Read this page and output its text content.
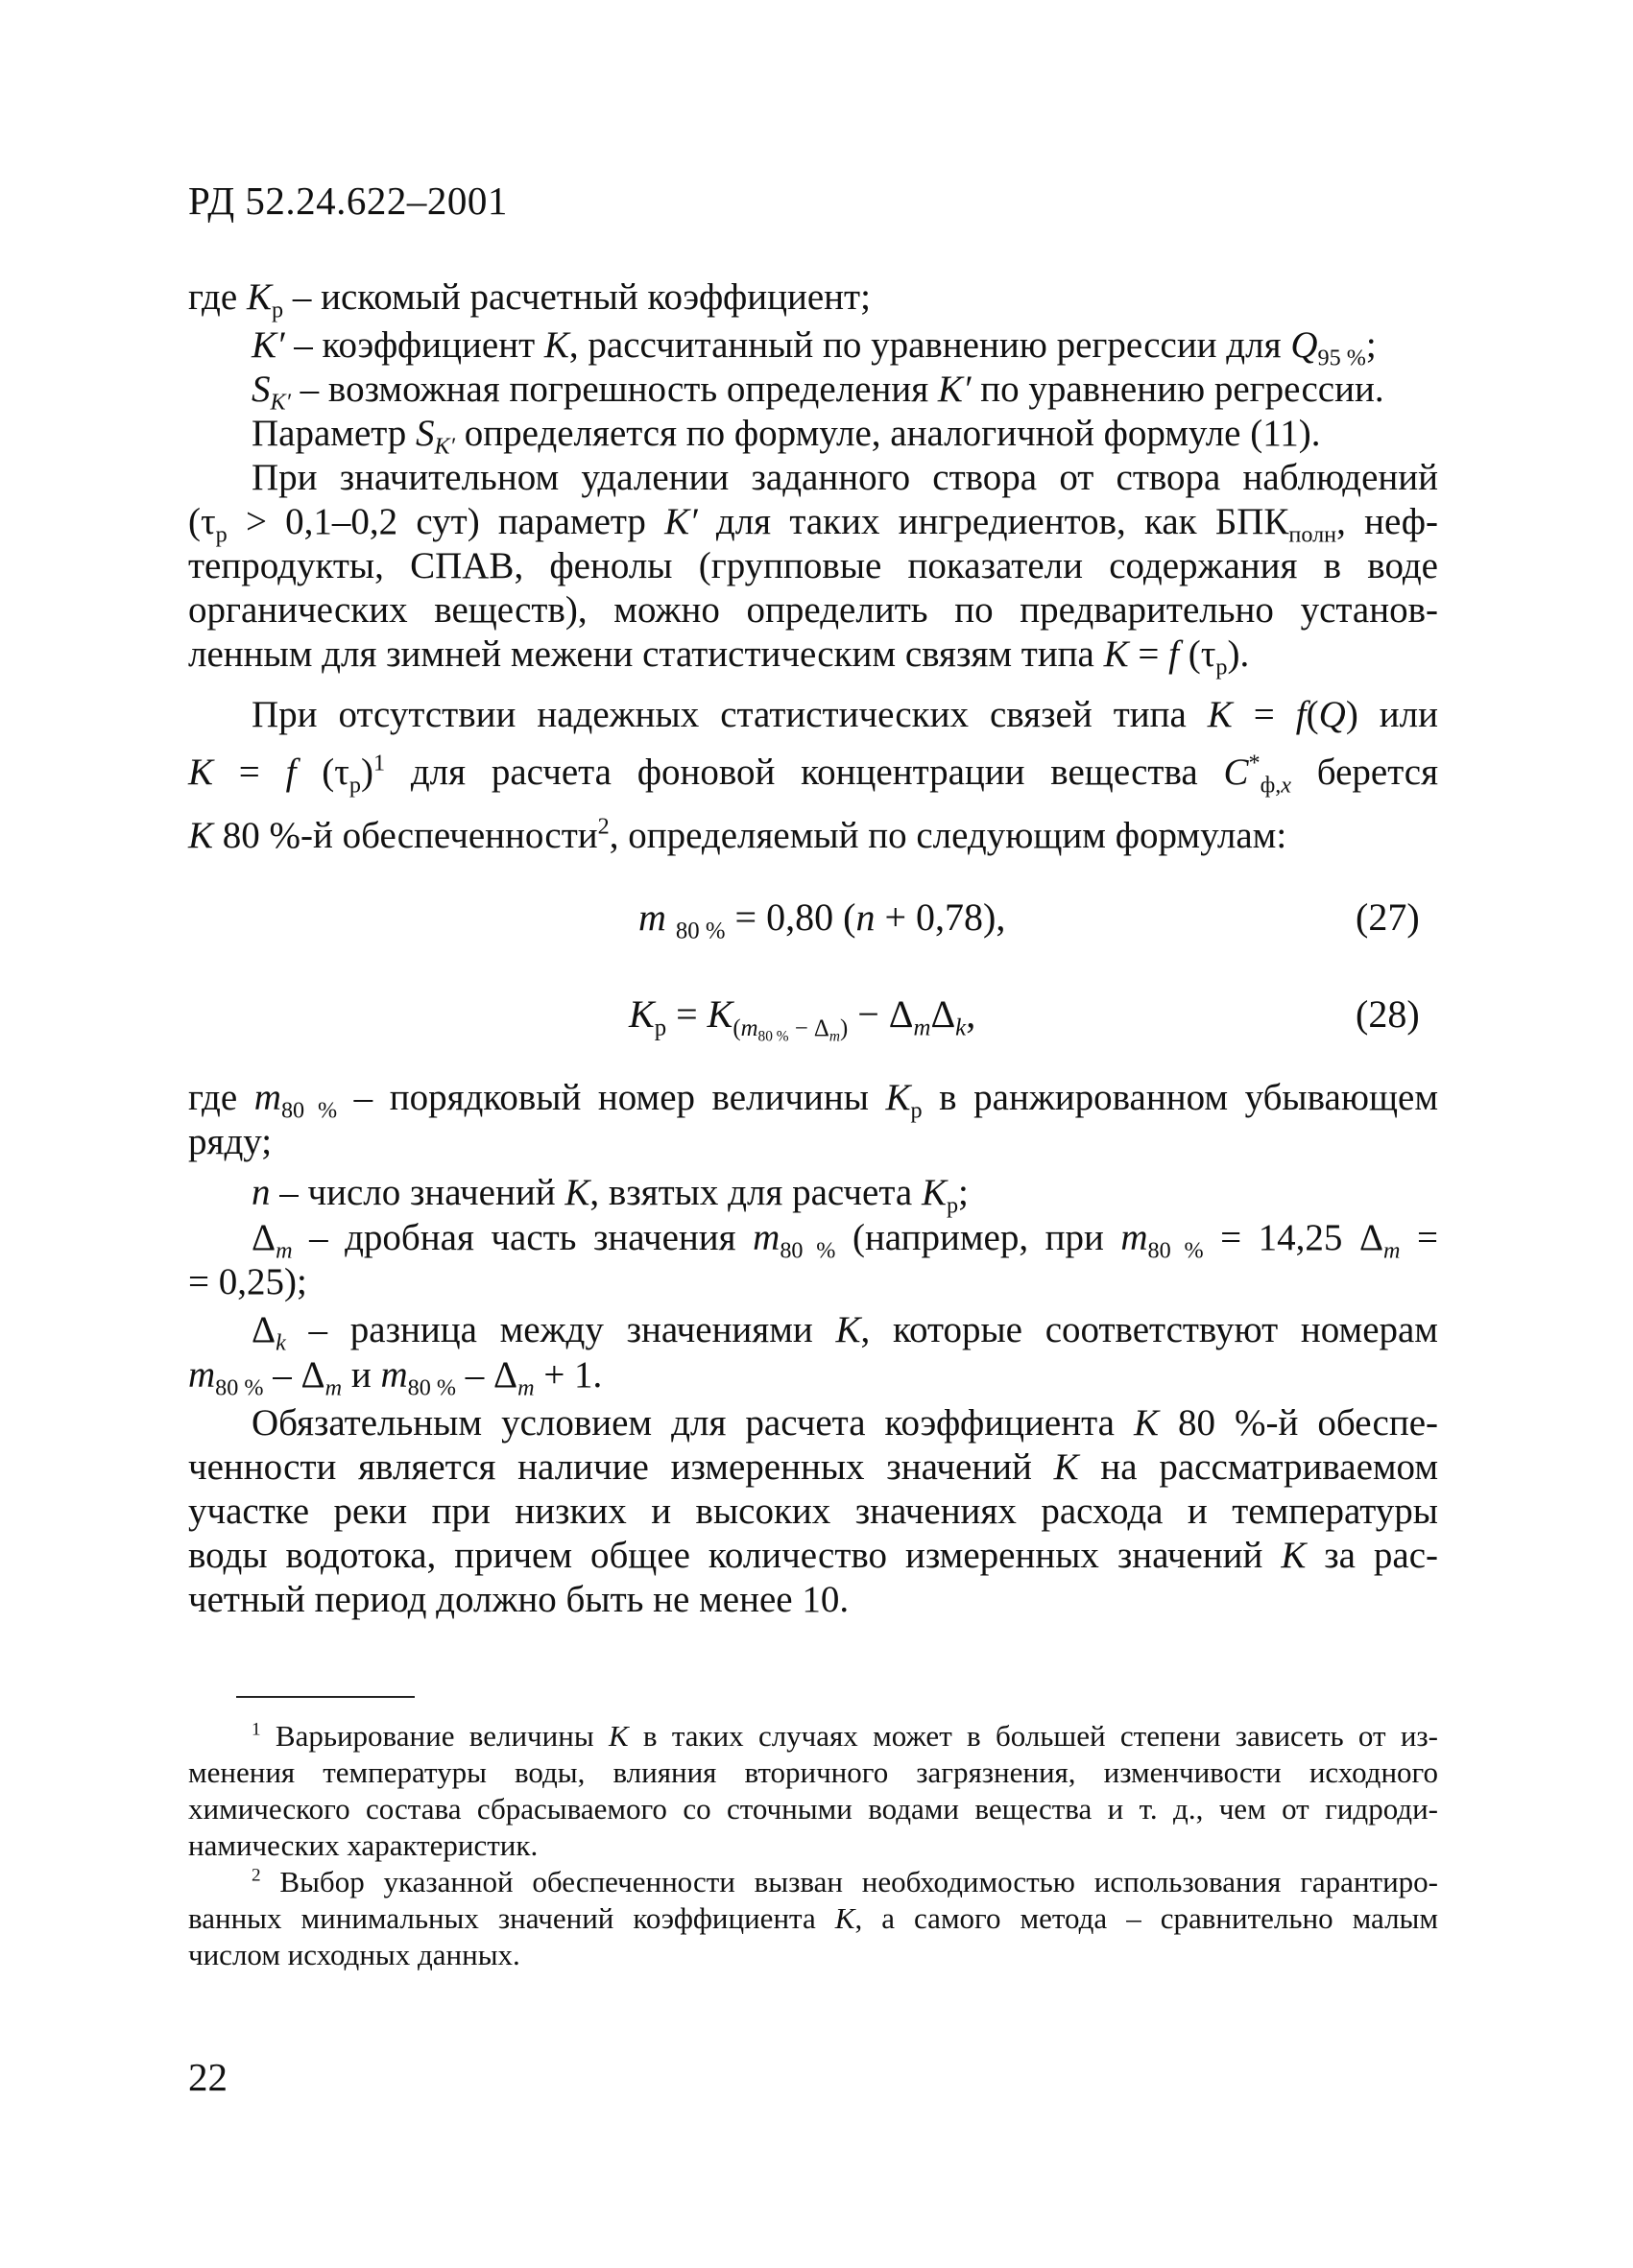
РД 52.24.622–2001
где $K_р$ – искомый расчетный коэффициент;
K′ – коэффициент K, рассчитанный по уравнению регрессии для $Q_{95 \%}$;
$S_{K'}$ – возможная погрешность определения K′ по уравнению регрессии.
Параметр $S_{K'}$ определяется по формуле, аналогичной формуле (11).
При значительном удалении заданного створа от створа наблюдений
($\tau_р > 0,1-0,2$ сут) параметр K′ для таких ингредиентов, как $БПК_{полн}$, неф-
тепродукты, СПАВ, фенолы (групповые показатели содержания в воде
органических веществ), можно определить по предварительно установ-
ленным для зимней межени статистическим связям типа K = f $(\tau_р)$.
При отсутствии надежных статистических связей типа K = f(Q) или
K = f $(\tau_р)^1$ для расчета фоновой концентрации вещества $C^*_{ф,x}$ берется
K 80 %-й обеспеченности$^2$, определяемый по следующим формулам:
m $_{80 \%}$ = 0,80 (n + 0,78),	(27)
$K_р = K_{(m_{80 \%} - \Delta_m)} - \Delta_m\Delta_k$,	(28)
где $m_{80 \%}$ – порядковый номер величины $K_р$ в ранжированном убывающем
ряду;
n – число значений K, взятых для расчета $K_р$;
$\Delta_m$ – дробная часть значения $m_{80 \%}$ (например, при $m_{80 \%} = 14,25$ $\Delta_m$ =
= 0,25);
$\Delta_k$ – разница между значениями K, которые соответствуют номерам
$m_{80 \%} - \Delta_m$ и $m_{80 \%} - \Delta_m + 1$.
Обязательным условием для расчета коэффициента K 80 %-й обеспе-
ченности является наличие измеренных значений K на рассматриваемом
участке реки при низких и высоких значениях расхода и температуры
воды водотока, причем общее количество измеренных значений K за рас-
четный период должно быть не менее 10.
$^1$ Варьирование величины K в таких случаях может в большей степени зависеть от из-
менения температуры воды, влияния вторичного загрязнения, изменчивости исходного
химического состава сбрасываемого со сточными водами вещества и т. д., чем от гидроди-
намических характеристик.
$^2$ Выбор указанной обеспеченности вызван необходимостью использования гарантиро-
ванных минимальных значений коэффициента K, а самого метода – сравнительно малым
числом исходных данных.
22
